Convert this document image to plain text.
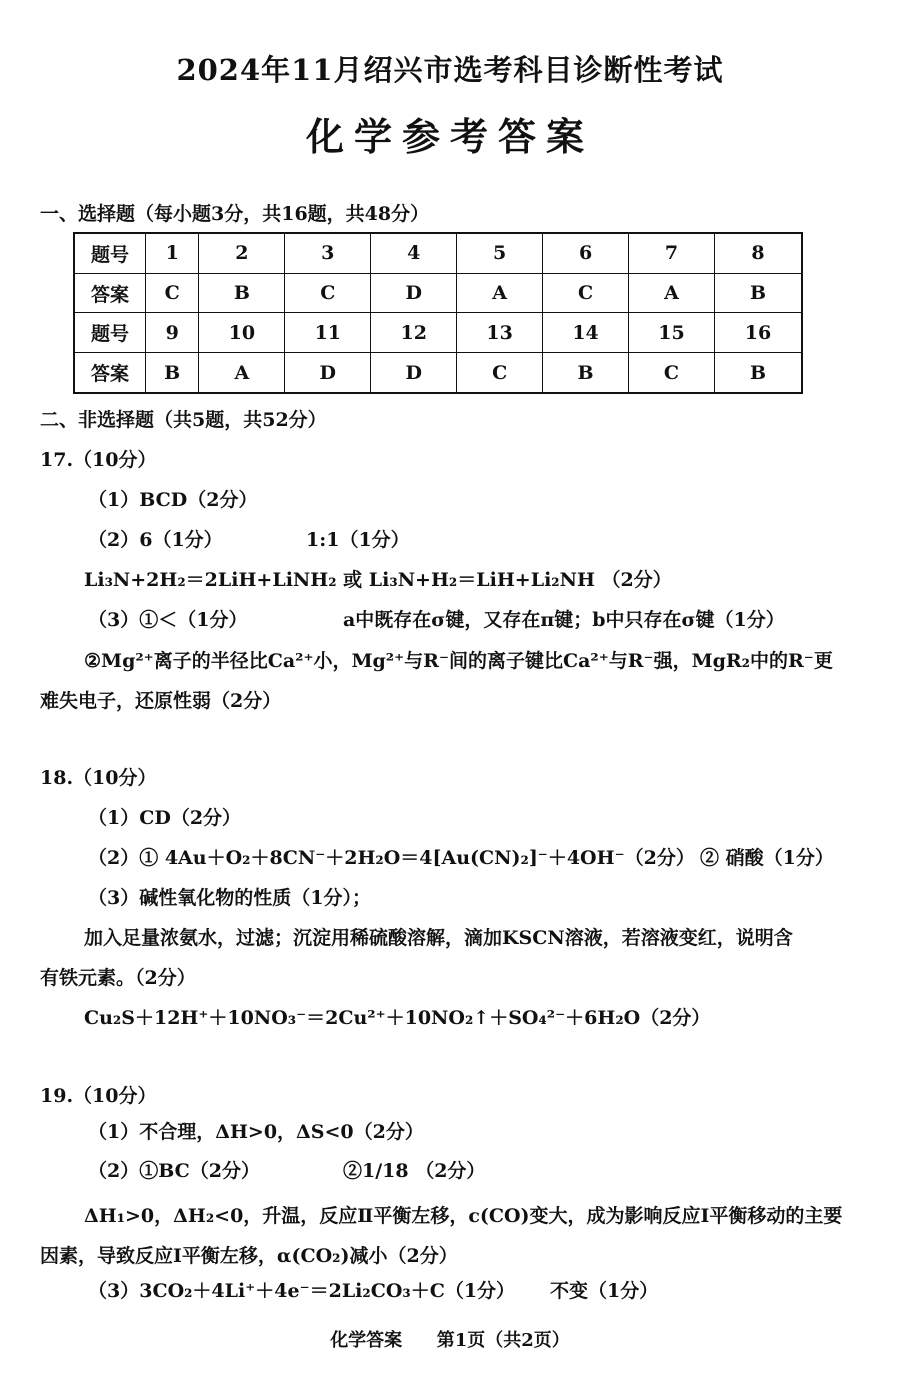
2024年11月绍兴市选考科目诊断性考试
化学参考答案
一、选择题（每小题3分，共16题，共48分）
题号	1	2	3	4	5	6	7	8
答案	C	B	C	D	A	C	A	B
题号	9	10	11	12	13	14	15	16
答案	B	A	D	D	C	B	C	B
二、非选择题（共5题，共52分）
17.（10分）
（1）BCD（2分）
（2）6（1分）	1:1（1分）
Li₃N+2H₂＝2LiH+LiNH₂ 或 Li₃N+H₂＝LiH+Li₂NH （2分）
（3）①＜（1分）	a中既存在σ键，又存在π键；b中只存在σ键（1分）
②Mg²⁺离子的半径比Ca²⁺小，Mg²⁺与R⁻间的离子键比Ca²⁺与R⁻强，MgR₂中的R⁻更
难失电子，还原性弱（2分）
18.（10分）
（1）CD（2分）
（2）① 4Au＋O₂＋8CN⁻＋2H₂O＝4[Au(CN)₂]⁻＋4OH⁻（2分） ② 硝酸（1分）
（3）碱性氧化物的性质（1分）；
加入足量浓氨水，过滤；沉淀用稀硫酸溶解，滴加KSCN溶液，若溶液变红，说明含
有铁元素。（2分）
Cu₂S＋12H⁺＋10NO₃⁻＝2Cu²⁺＋10NO₂↑＋SO₄²⁻＋6H₂O（2分）
19.（10分）
（1）不合理，ΔH>0，ΔS<0（2分）
（2）①BC（2分）	②1/18 （2分）
ΔH₁>0，ΔH₂<0，升温，反应Ⅱ平衡左移，c(CO)变大，成为影响反应Ⅰ平衡移动的主要
因素，导致反应Ⅰ平衡左移，α(CO₂)减小（2分）
（3）3CO₂＋4Li⁺＋4e⁻＝2Li₂CO₃＋C（1分） 不变（1分）
化学答案 第1页（共2页）
